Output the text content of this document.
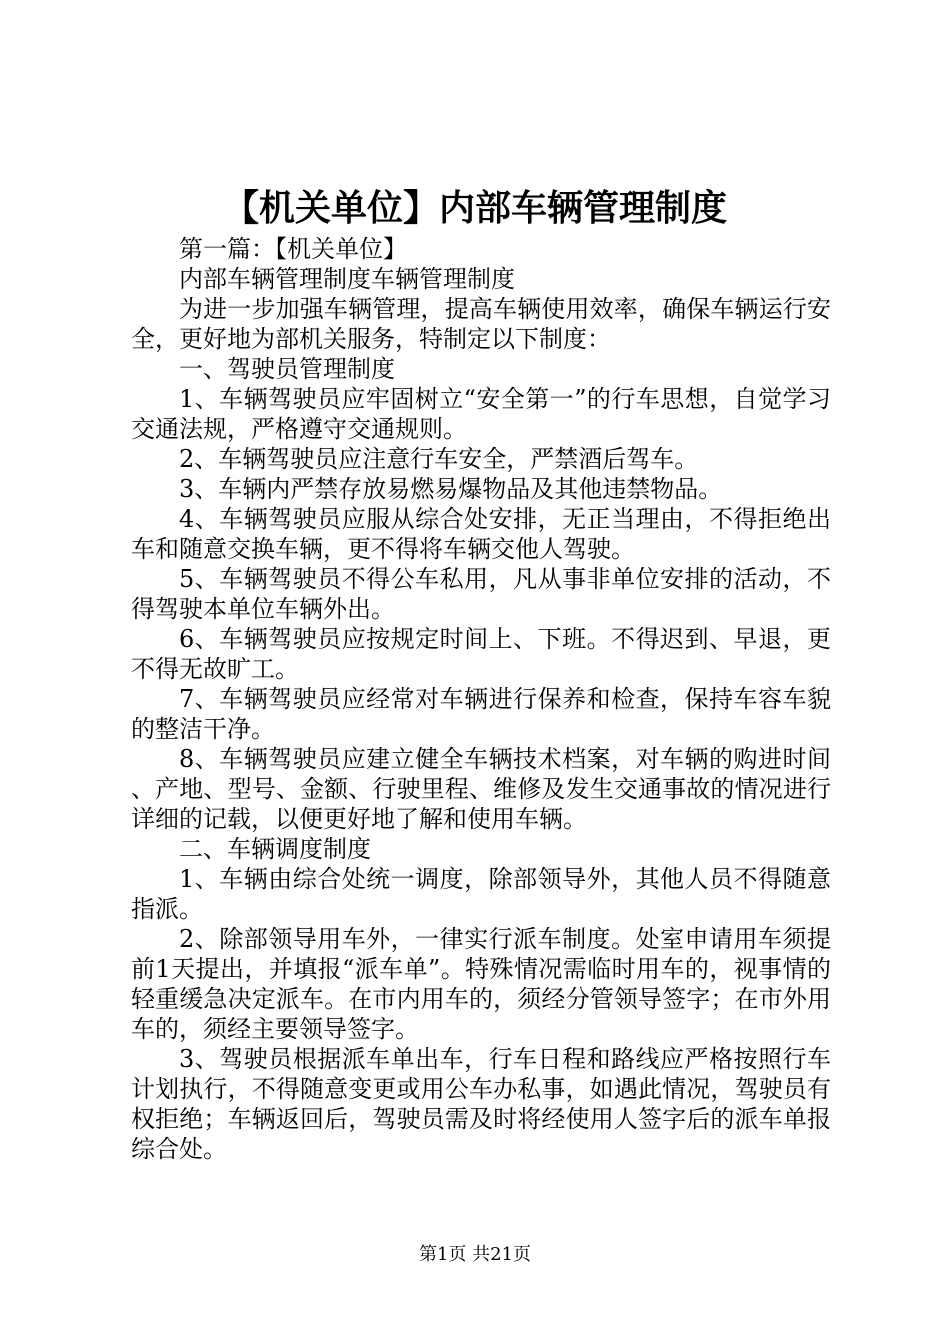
【机关单位】内部车辆管理制度

第一篇：【机关单位】

内部车辆管理制度车辆管理制度

为进一步加强车辆管理，提高车辆使用效率，确保车辆运行安全，更好地为部机关服务，特制定以下制度：

一、驾驶员管理制度

1、车辆驾驶员应牢固树立“安全第一”的行车思想，自觉学习交通法规，严格遵守交通规则。

2、车辆驾驶员应注意行车安全，严禁酒后驾车。

3、车辆内严禁存放易燃易爆物品及其他违禁物品。

4、车辆驾驶员应服从综合处安排，无正当理由，不得拒绝出车和随意交换车辆，更不得将车辆交他人驾驶。

5、车辆驾驶员不得公车私用，凡从事非单位安排的活动，不得驾驶本单位车辆外出。

6、车辆驾驶员应按规定时间上、下班。不得迟到、早退，更不得无故旷工。

7、车辆驾驶员应经常对车辆进行保养和检查，保持车容车貌的整洁干净。

8、车辆驾驶员应建立健全车辆技术档案，对车辆的购进时间、产地、型号、金额、行驶里程、维修及发生交通事故的情况进行详细的记载，以便更好地了解和使用车辆。

二、车辆调度制度

1、车辆由综合处统一调度，除部领导外，其他人员不得随意指派。

2、除部领导用车外，一律实行派车制度。处室申请用车须提前1天提出，并填报“派车单”。特殊情况需临时用车的，视事情的轻重缓急决定派车。在市内用车的，须经分管领导签字；在市外用车的，须经主要领导签字。

3、驾驶员根据派车单出车，行车日程和路线应严格按照行车计划执行，不得随意变更或用公车办私事，如遇此情况，驾驶员有权拒绝；车辆返回后，驾驶员需及时将经使用人签字后的派车单报综合处。

第1页 共21页
